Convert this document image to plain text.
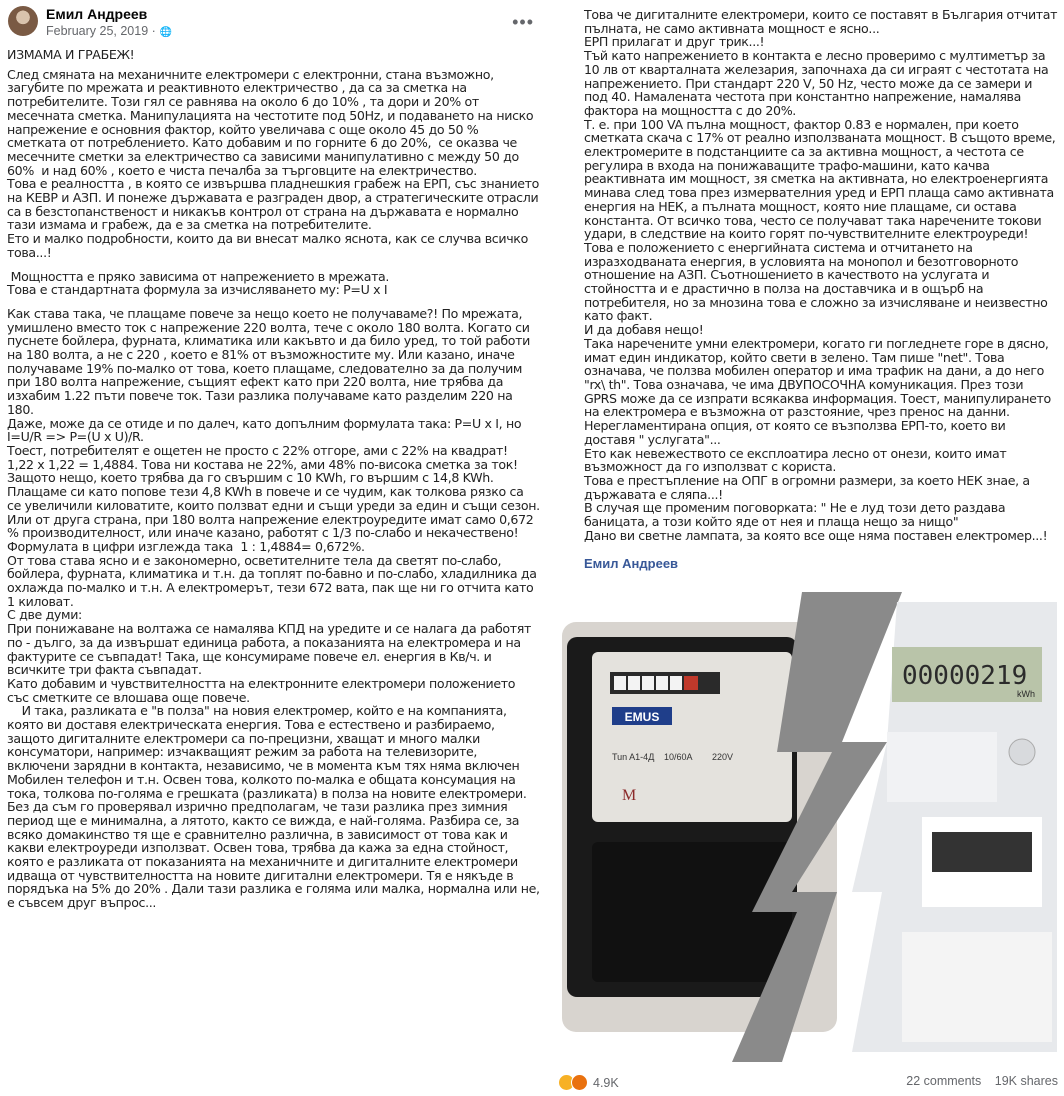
Емил Андреев
February 25, 2019 · 🌐
•••

ИЗМАМА И ГРАБЕЖ!

След смяната на механичните електромери с електронни, стана възможно, загубите по мрежата и реактивното електричество , да са за сметка на потребителите. Този гял се равнява на около 6 до 10% , та дори и 20% от месечната сметка. Манипулацията на честотите под 50Hz, и подаването на ниско напрежение е основния фактор, който увеличава с още около 45 до 50 % сметката от потреблението. Като добавим и по горните 6 до 20%,  се оказва че месечните сметки за електричество са зависими манипулативно с между 50 до 60%  и над 60% , което е чиста печалба за търговците на електричество.

Това е реалността , в която се извършва пладнешкия грабеж на ЕРП, със знанието на КЕВР и АЗП. И понеже държавата е разграден двор, а стратегическите отрасли са в безстопанственост и никакъв контрол от страна на държавата е нормално тази измама и грабеж, да е за сметка на потребителите.

Ето и малко подробности, които да ви внесат малко яснота, как се случва всичко това...!

Мощността е пряко зависима от напрежението в мрежата.
Това е стандартната формула за изчисляването му: P=U x I

Как става така, че плащаме повече за нещо което не получаваме?! По мрежата, умишлено вместо ток с напрежение 220 волта, тече с около 180 волта. Когато си пуснете бойлера, фурната, климатика или какъвто и да било уред, то той работи на 180 волта, а не с 220 , което е 81% от възможностите му. Или казано, иначе получаваме 19% по-малко от това, което плащаме, следователно за да получим при 180 волта напрежение, същият ефект като при 220 волта, ние трябва да изхабим 1.22 пъти повече ток. Тази разлика получаваме като разделим 220 на 180.

Даже, може да се отиде и по далеч, като допълним формулата така: P=U x I, но I=U/R => P=(U x U)/R.

Тоест, потребителят е ощетен не просто с 22% отгоре, ами с 22% на квадрат!

1,22 x 1,22 = 1,4884. Това ни костава не 22%, ами 48% по-висока сметка за ток! Защото нещо, което трябва да го свършим с 10 KWh, го вършим с 14,8 KWh. Плащаме си като попове тези 4,8 KWh в повече и се чудим, как толкова рязко са се увеличили киловатите, които ползват едни и същи уреди за един и същи сезон.

Или от друга страна, при 180 волта напрежение електроуредите имат само 0,672 % производителност, или иначе казано, работят с 1/3 по-слабо и некачествено! Формулата в цифри изглежда така  1 : 1,4884= 0,672%.

От това става ясно и е закономерно, осветителните тела да светят по-слабо, бойлера, фурната, климатика и т.н. да топлят по-бавно и по-слабо, хладилника да охлажда по-малко и т.н. А електромерът, тези 672 вата, пак ще ни го отчита като 1 киловат.

С две думи:

При понижаване на волтажа се намалява КПД на уредите и се налага да работят по - дълго, за да извършат единица работа, а показанията на електромера и на фактурите се съвпадат! Така, ще консумираме повече ел. енергия в Кв/ч. и всичките три факта съвпадат.

Като добавим и чувствителността на електронните електромери положението със сметките се влошава още повече.

И така, разликата е "в полза" на новия електромер, който е на компанията, която ви доставя електрическата енергия. Това е естествено и разбираемо, защото дигиталните електромери са по-прецизни, хващат и много малки консуматори, например: изчакващият режим за работа на телевизорите, включени зарядни в контакта, независимо, че в момента към тях няма включен Мобилен телефон и т.н. Освен това, колкото по-малка е общата консумация на тока, толкова по-голяма е грешката (разликата) в полза на новите електромери. Без да съм го проверявал изрично предполагам, че тази разлика през зимния период ще е минимална, а лятото, както се вижда, е най-голяма. Разбира се, за всяко домакинство тя ще е сравнително различна, в зависимост от това как и какви електроуреди използват. Освен това, трябва да кажа за една стойност, която е разликата от показанията на механичните и дигиталните електромери идваща от чувствителността на новите дигитални електромери. Тя е някъде в порядъка на 5% до 20% . Дали тази разлика е голяма или малка, нормална или не, е съвсем друг въпрос...

Това че дигиталните електромери, които се поставят в България отчитат пълната, не само активната мощност е ясно...

ЕРП прилагат и друг трик...!

Тъй като напрежението в контакта е лесно проверимо с мултиметър за 10 лв от кварталната железария, започнаха да си играят с честотата на напрежението. При стандарт 220 V, 50 Hz, често може да се замери и под 40. Намалената честота при константно напрежение, намалява фактора на мощността с до 20%.

Т. е. при 100 VA пълна мощност, фактор 0.83 е нормален, при което сметката скача с 17% от реално използваната мощност. В същото време, електромерите в подстанциите са за активна мощност, а честота се регулира в входа на понижаващите трафо-машини, като качва реактивната им мощност, зя сметка на активната, но електроенергията минава след това през измервателния уред и ЕРП плаща само активната енергия на НЕК, а пълната мощност, която ние плащаме, си остава константа. От всичко това, често се получават така наречените токови удари, в следствие на които горят по-чувствителните електроуреди!

Това е положението с енергийната система и отчитането на изразходваната енергия, в условията на монопол и безотговорното отношение на АЗП. Съотношението в качеството на услугата и стойността и е драстично в полза на доставчика и в ощърб на потребителя, но за мнозина това е сложно за изчисляване и неизвестно като факт.

И да добавя нещо!

Така наречените умни електромери, когато ги погледнете горе в дясно, имат един индикатор, който свети в зелено. Там пише "net". Това означава, че ползва мобилен оператор и има трафик на дани, а до него "rx\ th". Това означава, че има ДВУПОСОЧНА комуникация. През този GPRS може да се изпрати всякаква информация. Тоест, манипулирането на електромера е възможна от разстояние, чрез пренос на данни. Нерегламентирана опция, от която се възползва ЕРП-то, което ви доставя " услугата"...

Ето как невежеството се експлоатира лесно от онези, които имат възможност да го използват с користа.

Това е престъпление на ОПГ в огромни размери, за което НЕК знае, а държавата е сляпа...!

В случая ще променим поговорката: " Не е луд този дето раздава баницата, а този който яде от нея и плаща нещо за нищо"

Дано ви светне лампата, за която все още няма поставен електромер...!

Емил Андреев
EMUS
Tun A1-4Д 10/60A 220V
M
00000219
kWh
4.9K	22 comments 19K shares
